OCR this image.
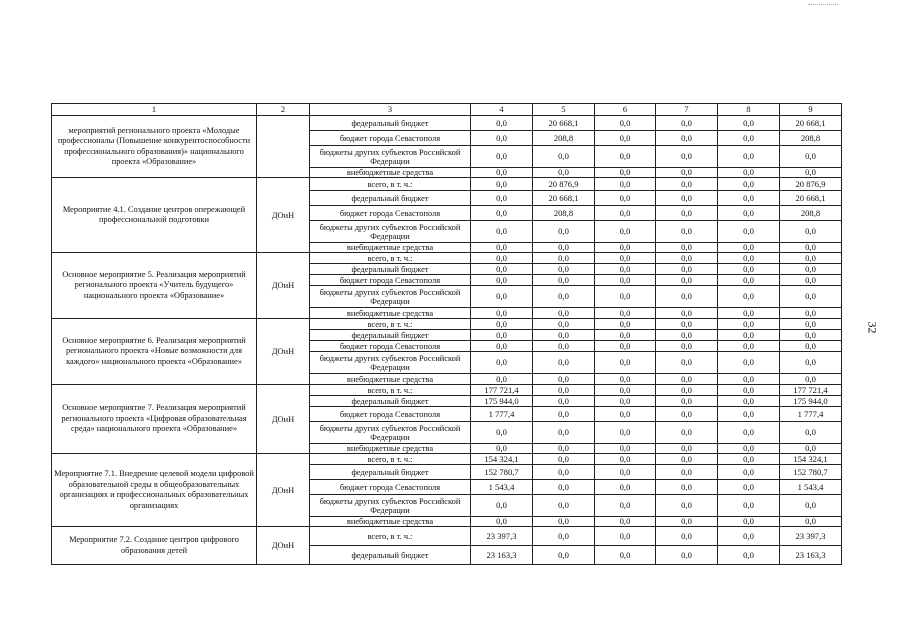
32
1	2	3	4	5	6	7	8	9
мероприятий регионального проекта «Молодые профессионалы (Повышение конкурентоспособности профессионального образования)» национального проекта «Образование»		федеральный бюджет	0,0	20 668,1	0,0	0,0	0,0	20 668,1
		бюджет города Севастополя	0,0	208,8	0,0	0,0	0,0	208,8
		бюджеты других субъектов Российской Федерации	0,0	0,0	0,0	0,0	0,0	0,0
		внебюджетные средства	0,0	0,0	0,0	0,0	0,0	0,0
Мероприятие 4.1. Создание центров опережающей профессиональной подготовки	ДОиН	всего, в т. ч.:	0,0	20 876,9	0,0	0,0	0,0	20 876,9
		федеральный бюджет	0,0	20 668,1	0,0	0,0	0,0	20 668,1
		бюджет города Севастополя	0,0	208,8	0,0	0,0	0,0	208,8
		бюджеты других субъектов Российской Федерации	0,0	0,0	0,0	0,0	0,0	0,0
		внебюджетные средства	0,0	0,0	0,0	0,0	0,0	0,0
Основное мероприятие 5. Реализация мероприятий регионального проекта «Учитель будущего» национального проекта «Образование»	ДОиН	всего, в т. ч.:	0,0	0,0	0,0	0,0	0,0	0,0
		федеральный бюджет	0,0	0,0	0,0	0,0	0,0	0,0
		бюджет города Севастополя	0,0	0,0	0,0	0,0	0,0	0,0
		бюджеты других субъектов Российской Федерации	0,0	0,0	0,0	0,0	0,0	0,0
		внебюджетные средства	0,0	0,0	0,0	0,0	0,0	0,0
Основное мероприятие 6. Реализация мероприятий регионального проекта «Новые возможности для каждого» национального проекта «Образование»	ДОиН	всего, в т. ч.:	0,0	0,0	0,0	0,0	0,0	0,0
		федеральный бюджет	0,0	0,0	0,0	0,0	0,0	0,0
		бюджет города Севастополя	0,0	0,0	0,0	0,0	0,0	0,0
		бюджеты других субъектов Российской Федерации	0,0	0,0	0,0	0,0	0,0	0,0
		внебюджетные средства	0,0	0,0	0,0	0,0	0,0	0,0
Основное мероприятие 7. Реализация мероприятий регионального проекта «Цифровая образовательная среда» национального проекта «Образование»	ДОиН	всего, в т. ч.:	177 721,4	0,0	0,0	0,0	0,0	177 721,4
		федеральный бюджет	175 944,0	0,0	0,0	0,0	0,0	175 944,0
		бюджет города Севастополя	1 777,4	0,0	0,0	0,0	0,0	1 777,4
		бюджеты других субъектов Российской Федерации	0,0	0,0	0,0	0,0	0,0	0,0
		внебюджетные средства	0,0	0,0	0,0	0,0	0,0	0,0
Мероприятие 7.1. Внедрение целевой модели цифровой образовательной среды в общеобразовательных организациях и профессиональных образовательных организациях	ДОиН	всего, в т. ч.:	154 324,1	0,0	0,0	0,0	0,0	154 324,1
		федеральный бюджет	152 780,7	0,0	0,0	0,0	0,0	152 780,7
		бюджет города Севастополя	1 543,4	0,0	0,0	0,0	0,0	1 543,4
		бюджеты других субъектов Российской Федерации	0,0	0,0	0,0	0,0	0,0	0,0
		внебюджетные средства	0,0	0,0	0,0	0,0	0,0	0,0
Мероприятие 7.2. Создание центров цифрового образования детей	ДОиН	всего, в т. ч.:	23 397,3	0,0	0,0	0,0	0,0	23 397,3
		федеральный бюджет	23 163,3	0,0	0,0	0,0	0,0	23 163,3
